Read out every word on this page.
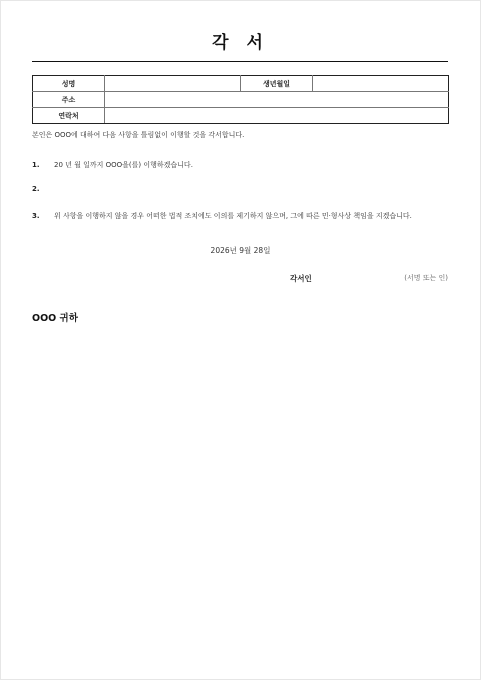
각 서
성명		생년월일	
주소			
연락처			
본인은 OOO에 대하여 다음 사항을 틀림없이 이행할 것을 각서합니다.
1. 20 년 월 일까지 OOO을(를) 이행하겠습니다.
2.
3. 위 사항을 이행하지 않을 경우 어떠한 법적 조치에도 이의를 제기하지 않으며, 그에 따른 민·형사상 책임을 지겠습니다.
2026년 9월 28일
각서인	(서명 또는 인)
OOO 귀하
